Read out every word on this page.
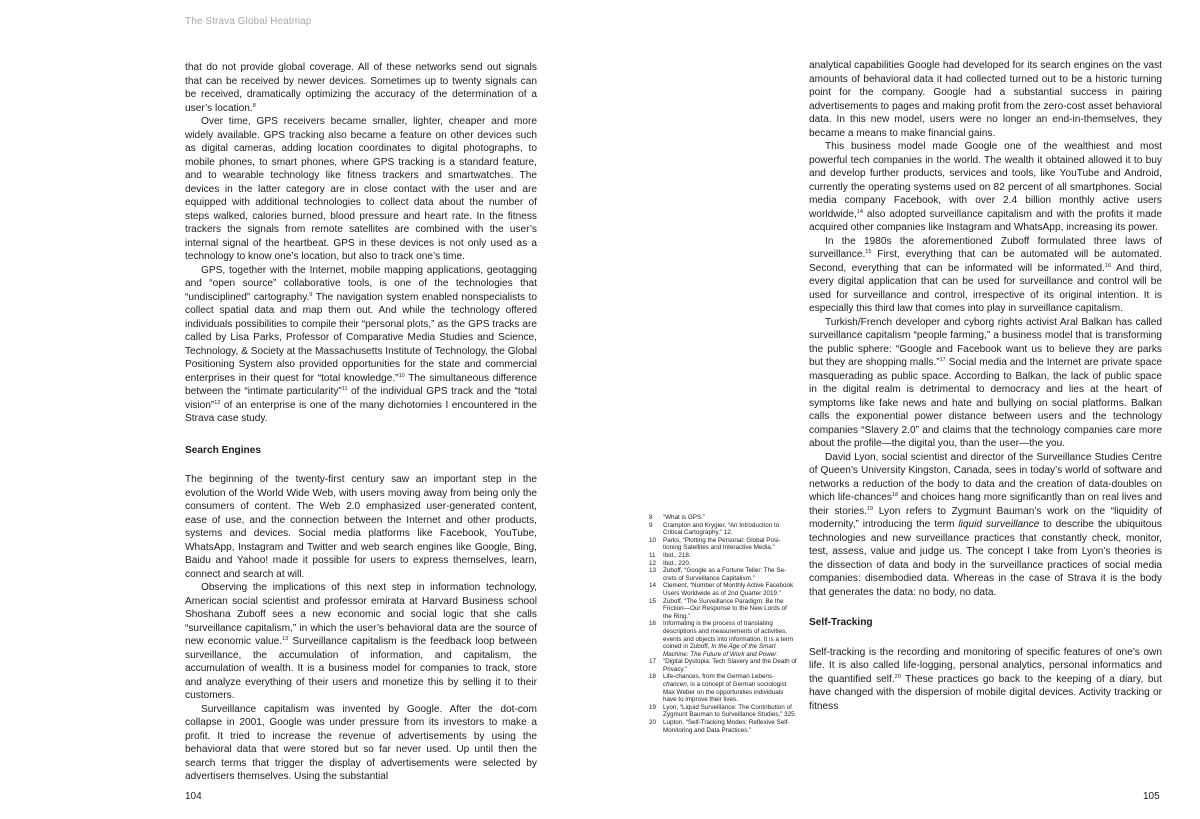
The Strava Global Heatmap

that do not provide global coverage. All of these networks send out signals that can be received by newer devices. Sometimes up to twenty signals can be received, dramatically optimizing the accuracy of the determination of a user’s location.$^8$

Over time, GPS receivers became smaller, lighter, cheaper and more widely available. GPS tracking also became a feature on other devices such as digital cameras, adding location coordinates to digital photographs, to mobile phones, to smart phones, where GPS tracking is a standard feature, and to wearable technology like fitness trackers and smartwatches. The devices in the latter category are in close contact with the user and are equipped with additional technologies to collect data about the number of steps walked, calories burned, blood pressure and heart rate. In the fitness trackers the signals from remote satellites are combined with the user’s internal signal of the heartbeat. GPS in these devices is not only used as a technology to know one’s location, but also to track one’s time.

GPS, together with the Internet, mobile mapping applications, geotagging and “open source” collaborative tools, is one of the technologies that “undisciplined” cartography.$^9$ The navigation system enabled nonspecialists to collect spatial data and map them out. And while the technology offered individuals possibilities to compile their “personal plots,” as the GPS tracks are called by Lisa Parks, Professor of Comparative Media Studies and Science, Technology, & Society at the Massachusetts Institute of Technology, the Global Positioning System also provided opportunities for the state and commercial enterprises in their quest for “total knowledge.”$^{10}$ The simultaneous difference between the “intimate particularity”$^{11}$ of the individual GPS track and the “total vision”$^{12}$ of an enterprise is one of the many dichotomies I encountered in the Strava case study.

Search Engines

The beginning of the twenty-first century saw an important step in the evolution of the World Wide Web, with users moving away from being only the consumers of content. The Web 2.0 emphasized user-generated content, ease of use, and the connection between the Internet and other products, systems and devices. Social media platforms like Facebook, YouTube, WhatsApp, Instagram and Twitter and web search engines like Google, Bing, Baidu and Yahoo! made it possible for users to express themselves, learn, connect and search at will.

Observing the implications of this next step in information technology, American social scientist and professor emirata at Harvard Business school Shoshana Zuboff sees a new economic and social logic that she calls “surveillance capitalism,” in which the user’s behavioral data are the source of new economic value.$^{13}$ Surveillance capitalism is the feedback loop between surveillance, the accumulation of information, and capitalism, the accumulation of wealth. It is a business model for companies to track, store and analyze everything of their users and monetize this by selling it to their customers.

Surveillance capitalism was invented by Google. After the dot-com collapse in 2001, Google was under pressure from its investors to make a profit. It tried to increase the revenue of advertisements by using the behavioral data that were stored but so far never used. Up until then the search terms that trigger the display of advertisements were selected by advertisers themselves. Using the substantial

8	“What is GPS.”
9	Crampton and Krygier, “An Introduction to Critical Cartography,” 12.
10	Parks, “Plotting the Personal: Global Positioning Satellites and Interactive Media.”
11	Ibid., 218.
12	Ibid., 220.
13	Zuboff, “Google as a Fortune Teller: The Secrets of Surveillance Capitalism.”
14	Clement, “Number of Monthly Active Facebook Users Worldwide as of 2nd Quarter 2019.”
15	Zuboff, “The Surveillance Paradigm: Be the Friction—Our Response to the New Lords of the Ring.”
16	Informating is the process of translating descriptions and measurements of activities, events and objects into information. It is a term coined in Zuboff, In the Age of the Smart Machine: The Future of Work and Power.
17	“Digital Dystopia: Tech Slavery and the Death of Privacy.”
18	Life-chances, from the German Lebenschancen, is a concept of German sociologist Max Weber on the opportunities individuals have to improve their lives.
19	Lyon, “Liquid Surveillance: The Contribution of Zygmunt Bauman to Surveillance Studies,” 325.
20	Lupton, “Self-Tracking Modes: Reflexive Self-Monitoring and Data Practices.”

analytical capabilities Google had developed for its search engines on the vast amounts of behavioral data it had collected turned out to be a historic turning point for the company. Google had a substantial success in pairing advertisements to pages and making profit from the zero-cost asset behavioral data. In this new model, users were no longer an end-in-themselves, they became a means to make financial gains.

This business model made Google one of the wealthiest and most powerful tech companies in the world. The wealth it obtained allowed it to buy and develop further products, services and tools, like YouTube and Android, currently the operating systems used on 82 percent of all smartphones. Social media company Facebook, with over 2.4 billion monthly active users worldwide,$^{14}$ also adopted surveillance capitalism and with the profits it made acquired other companies like Instagram and WhatsApp, increasing its power.

In the 1980s the aforementioned Zuboff formulated three laws of surveillance.$^{15}$ First, everything that can be automated will be automated. Second, everything that can be informated will be informated.$^{16}$ And third, every digital application that can be used for surveillance and control will be used for surveillance and control, irrespective of its original intention. It is especially this third law that comes into play in surveillance capitalism.

Turkish/French developer and cyborg rights activist Aral Balkan has called surveillance capitalism “people farming,” a business model that is transforming the public sphere: “Google and Facebook want us to believe they are parks but they are shopping malls.”$^{17}$ Social media and the Internet are private space masquerading as public space. According to Balkan, the lack of public space in the digital realm is detrimental to democracy and lies at the heart of symptoms like fake news and hate and bullying on social platforms. Balkan calls the exponential power distance between users and the technology companies “Slavery 2.0” and claims that the technology companies care more about the profile—the digital you, than the user—the you.

David Lyon, social scientist and director of the Surveillance Studies Centre of Queen’s University Kingston, Canada, sees in today’s world of software and networks a reduction of the body to data and the creation of data-doubles on which life-chances$^{18}$ and choices hang more significantly than on real lives and their stories.$^{19}$ Lyon refers to Zygmunt Bauman’s work on the “liquidity of modernity,” introducing the term liquid surveillance to describe the ubiquitous technologies and new surveillance practices that constantly check, monitor, test, assess, value and judge us. The concept I take from Lyon’s theories is the dissection of data and body in the surveillance practices of social media companies: disembodied data. Whereas in the case of Strava it is the body that generates the data: no body, no data.

Self-Tracking

Self-tracking is the recording and monitoring of specific features of one’s own life. It is also called life-logging, personal analytics, personal informatics and the quantified self.$^{20}$ These practices go back to the keeping of a diary, but have changed with the dispersion of mobile digital devices. Activity tracking or fitness

104	105
